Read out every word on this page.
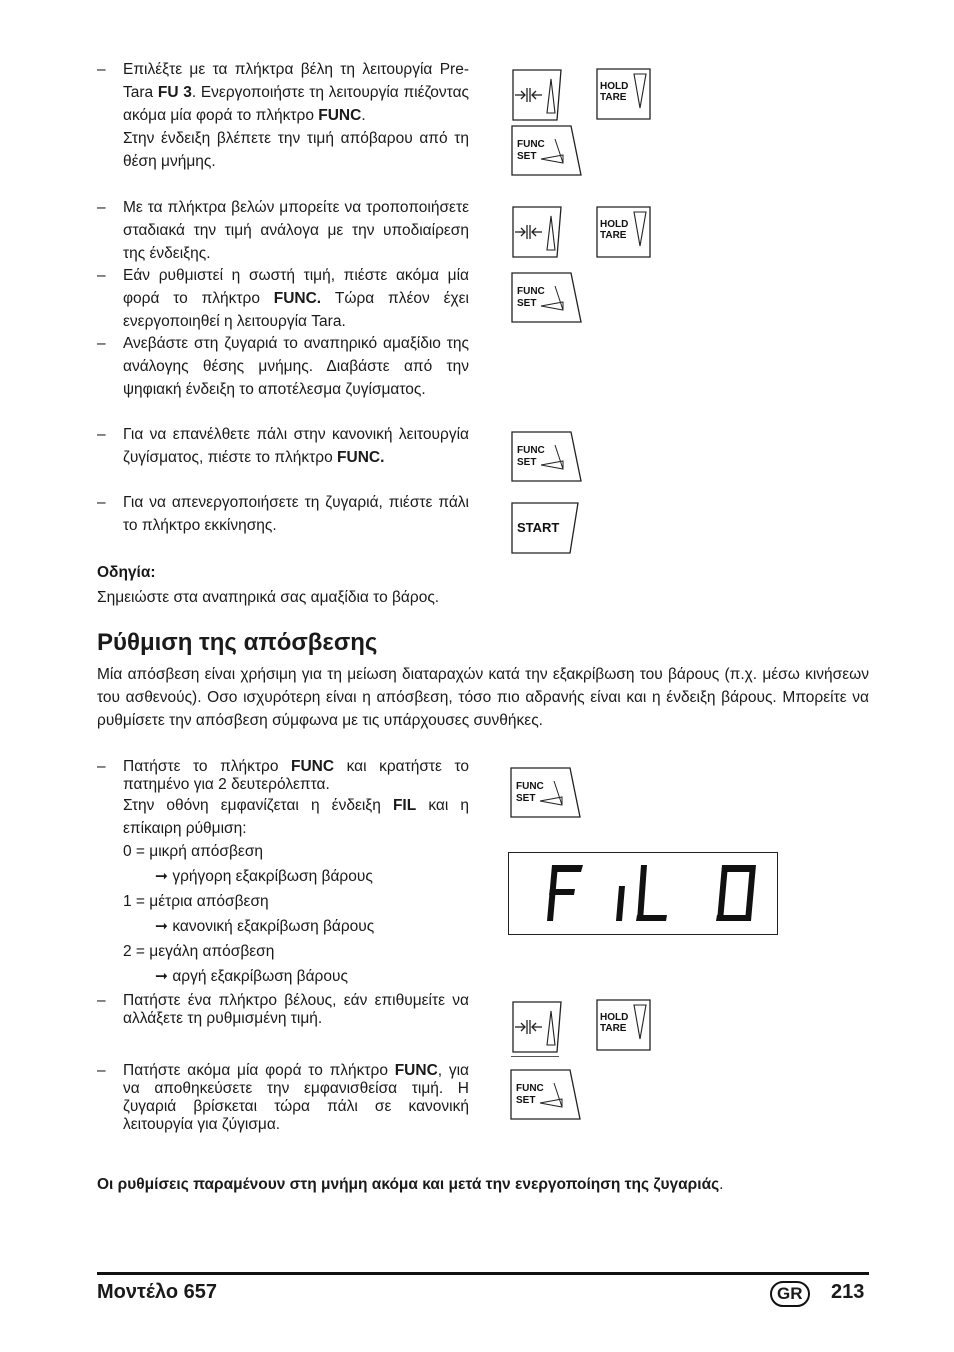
–	Επιλέξτε με τα πλήκτρα βέλη τη λειτουργία Pre-Tara FU 3. Ενεργοποιήστε τη λειτουργία πιέζοντας ακόμα μία φορά το πλήκτρο FUNC.
Στην ένδειξη βλέπετε την τιμή απόβαρου από τη θέση μνήμης.
–	Με τα πλήκτρα βελών μπορείτε να τροποποιήσετε σταδιακά την τιμή ανάλογα με την υποδιαίρεση της ένδειξης.
–	Εάν ρυθμιστεί η σωστή τιμή, πιέστε ακόμα μία φορά το πλήκτρο FUNC. Τώρα πλέον έχει ενεργοποιηθεί η λειτουργία Tara.
–	Ανεβάστε στη ζυγαριά το αναπηρικό αμαξίδιο της ανάλογης θέσης μνήμης. Διαβάστε από την ψηφιακή ένδειξη το αποτέλεσμα ζυγίσματος.
–	Για να επανέλθετε πάλι στην κανονική λειτουργία ζυγίσματος, πιέστε το πλήκτρο FUNC.
–	Για να απενεργοποιήσετε τη ζυγαριά, πιέστε πάλι το πλήκτρο εκκίνησης.
Οδηγία:
Σημειώστε στα αναπηρικά σας αμαξίδια το βάρος.
Ρύθμιση της απόσβεσης
Μία απόσβεση είναι χρήσιμη για τη μείωση διαταραχών κατά την εξακρίβωση του βάρους (π.χ. μέσω κινήσεων του ασθενούς). Οσο ισχυρότερη είναι η απόσβεση, τόσο πιο αδρανής είναι και η ένδειξη βάρους. Μπορείτε να ρυθμίσετε την απόσβεση σύμφωνα με τις υπάρχουσες συνθήκες.
–	Πατήστε το πλήκτρο FUNC και κρατήστε το πατημένο για 2 δευτερόλεπτα.
Στην οθόνη εμφανίζεται η ένδειξη FIL και η επίκαιρη ρύθμιση:
0 = μικρή απόσβεση
➞ γρήγορη εξακρίβωση βάρους
1 = μέτρια απόσβεση
➞ κανονική εξακρίβωση βάρους
2 = μεγάλη απόσβεση
➞ αργή εξακρίβωση βάρους
–	Πατήστε ένα πλήκτρο βέλους, εάν επιθυμείτε να αλλάξετε τη ρυθμισμένη τιμή.
–	Πατήστε ακόμα μία φορά το πλήκτρο FUNC, για να αποθηκεύσετε την εμφανισθείσα τιμή. Η ζυγαριά βρίσκεται τώρα πάλι σε κανονική λειτουργία για ζύγισμα.
Οι ρυθμίσεις παραμένουν στη μνήμη ακόμα και μετά την ενεργοποίηση της ζυγαριάς.
HOLD
TARE
FUNC
SET
HOLD
TARE
FUNC
SET
FUNC
SET
START
FUNC
SET
HOLD
TARE
FUNC
SET
Μοντέλο 657	GR	213
